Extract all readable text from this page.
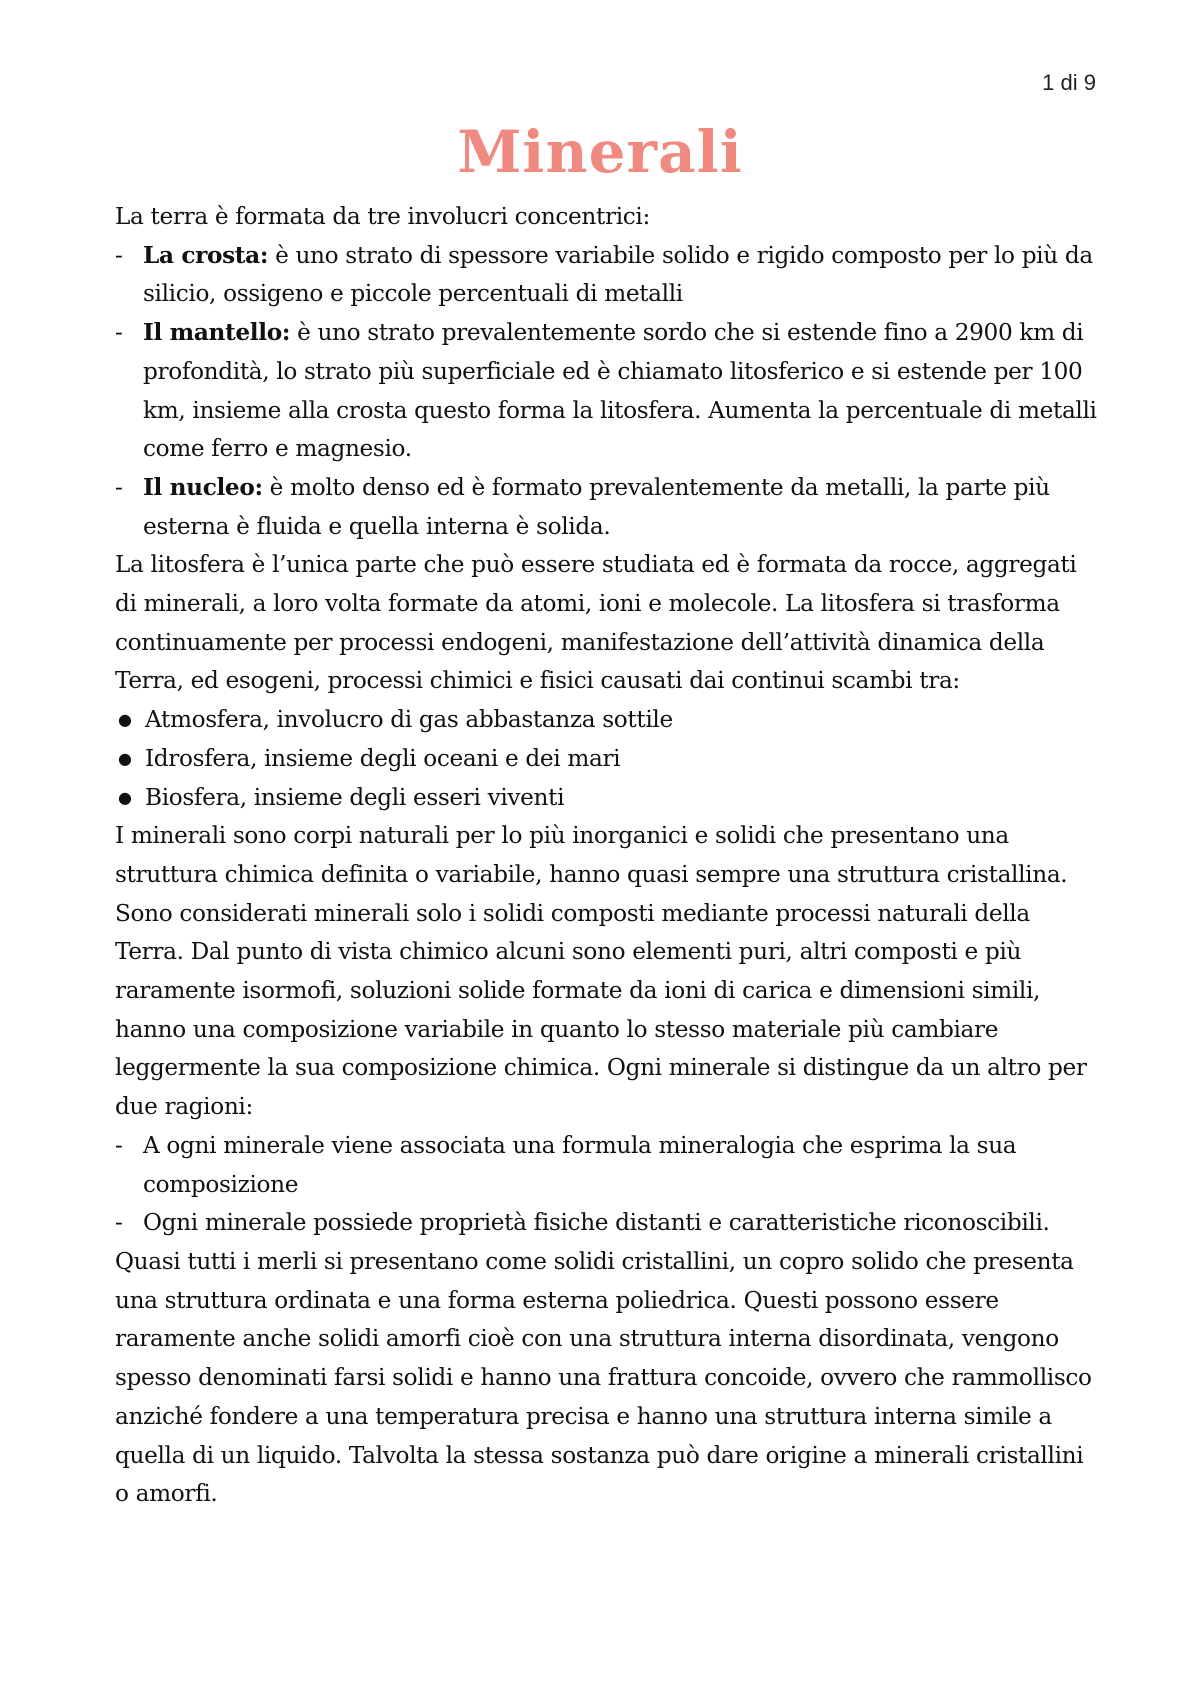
1 di 9
Minerali

La terra è formata da tre involucri concentrici:

- La crosta: è uno strato di spessore variabile solido e rigido composto per lo più da silicio, ossigeno e piccole percentuali di metalli
- Il mantello: è uno strato prevalentemente sordo che si estende fino a 2900 km di profondità, lo strato più superficiale ed è chiamato litosferico e si estende per 100 km, insieme alla crosta questo forma la litosfera. Aumenta la percentuale di metalli come ferro e magnesio.
- Il nucleo: è molto denso ed è formato prevalentemente da metalli, la parte più esterna è fluida e quella interna è solida.

La litosfera è l’unica parte che può essere studiata ed è formata da rocce, aggregati di minerali, a loro volta formate da atomi, ioni e molecole. La litosfera si trasforma continuamente per processi endogeni, manifestazione dell’attività dinamica della Terra, ed esogeni, processi chimici e fisici causati dai continui scambi tra:

● Atmosfera, involucro di gas abbastanza sottile
● Idrosfera, insieme degli oceani e dei mari
● Biosfera, insieme degli esseri viventi

I minerali sono corpi naturali per lo più inorganici e solidi che presentano una struttura chimica definita o variabile, hanno quasi sempre una struttura cristallina. Sono considerati minerali solo i solidi composti mediante processi naturali della Terra. Dal punto di vista chimico alcuni sono elementi puri, altri composti e più raramente isormofi, soluzioni solide formate da ioni di carica e dimensioni simili, hanno una composizione variabile in quanto lo stesso materiale più cambiare leggermente la sua composizione chimica. Ogni minerale si distingue da un altro per due ragioni:

- A ogni minerale viene associata una formula mineralogia che esprima la sua composizione
- Ogni minerale possiede proprietà fisiche distanti e caratteristiche riconoscibili.

Quasi tutti i merli si presentano come solidi cristallini, un copro solido che presenta una struttura ordinata e una forma esterna poliedrica. Questi possono essere raramente anche solidi amorfi cioè con una struttura interna disordinata, vengono spesso denominati farsi solidi e hanno una frattura concoide, ovvero che rammollisco anziché fondere a una temperatura precisa e hanno una struttura interna simile a quella di un liquido. Talvolta la stessa sostanza può dare origine a minerali cristallini o amorfi.
